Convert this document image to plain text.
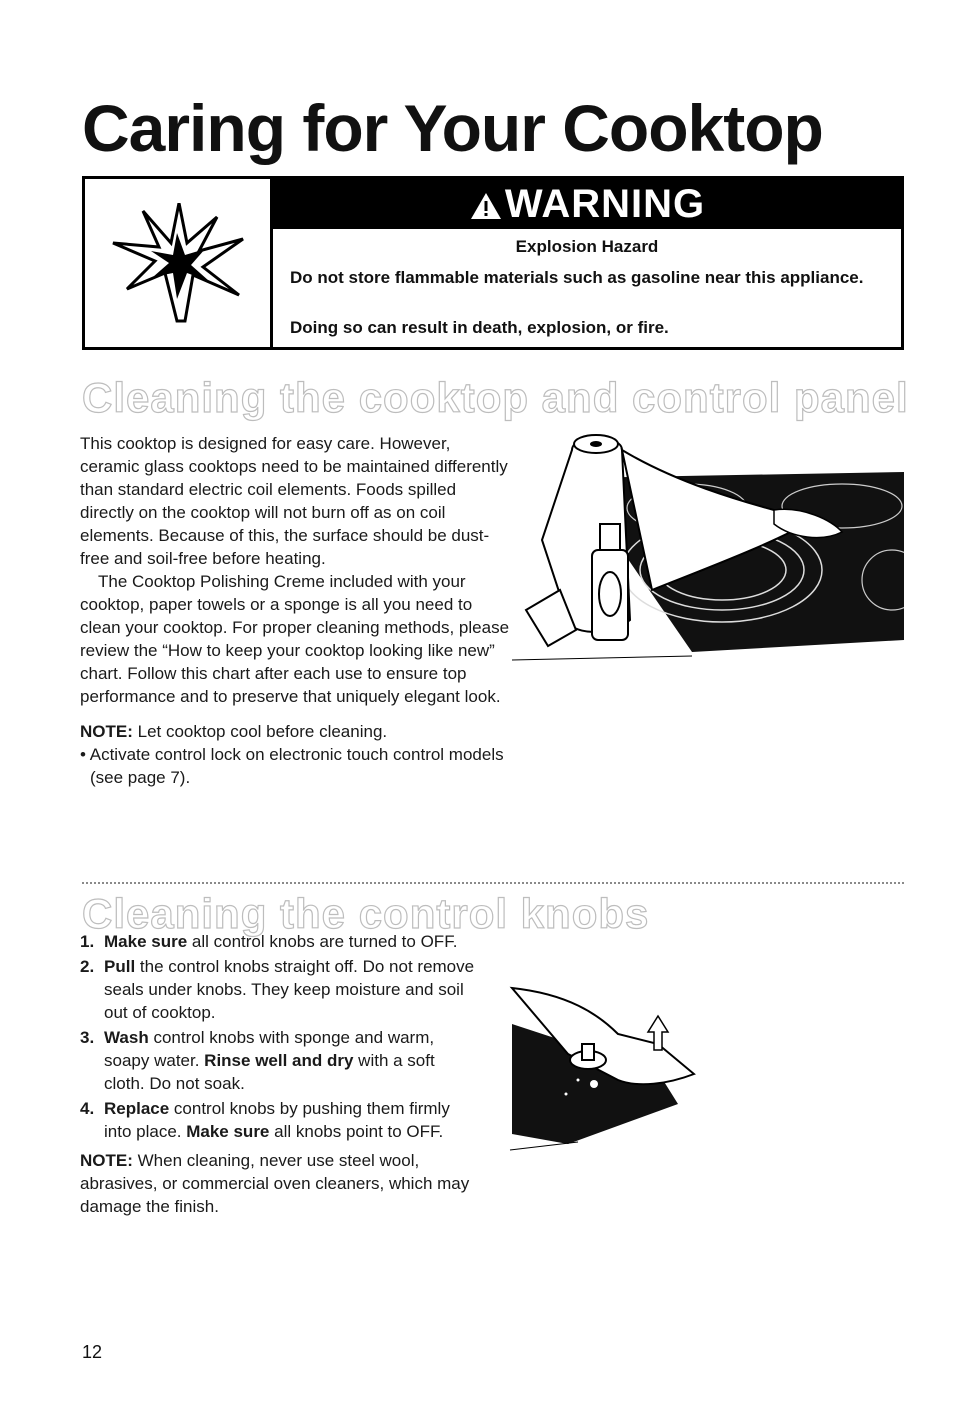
Caring for Your Cooktop
WARNING
Explosion Hazard
Do not store flammable materials such as gasoline near this appliance.
Doing so can result in death, explosion, or fire.
Cleaning the cooktop and control panel

This cooktop is designed for easy care. However, ceramic glass cooktops need to be maintained differently than standard electric coil elements. Foods spilled directly on the cooktop will not burn off as on coil elements. Because of this, the surface should be dust-free and soil-free before heating.

The Cooktop Polishing Creme included with your cooktop, paper towels or a sponge is all you need to clean your cooktop. For proper cleaning methods, please review the “How to keep your cooktop looking like new” chart. Follow this chart after each use to ensure top performance and to preserve that uniquely elegant look.

NOTE: Let cooktop cool before cleaning.

• Activate control lock on electronic touch control models (see page 7).

Cleaning the control knobs
1. Make sure all control knobs are turned to OFF.
2. Pull the control knobs straight off. Do not remove seals under knobs. They keep moisture and soil out of cooktop.
3. Wash control knobs with sponge and warm, soapy water. Rinse well and dry with a soft cloth. Do not soak.
4. Replace control knobs by pushing them firmly into place. Make sure all knobs point to OFF.
NOTE: When cleaning, never use steel wool, abrasives, or commercial oven cleaners, which may damage the finish.
12
